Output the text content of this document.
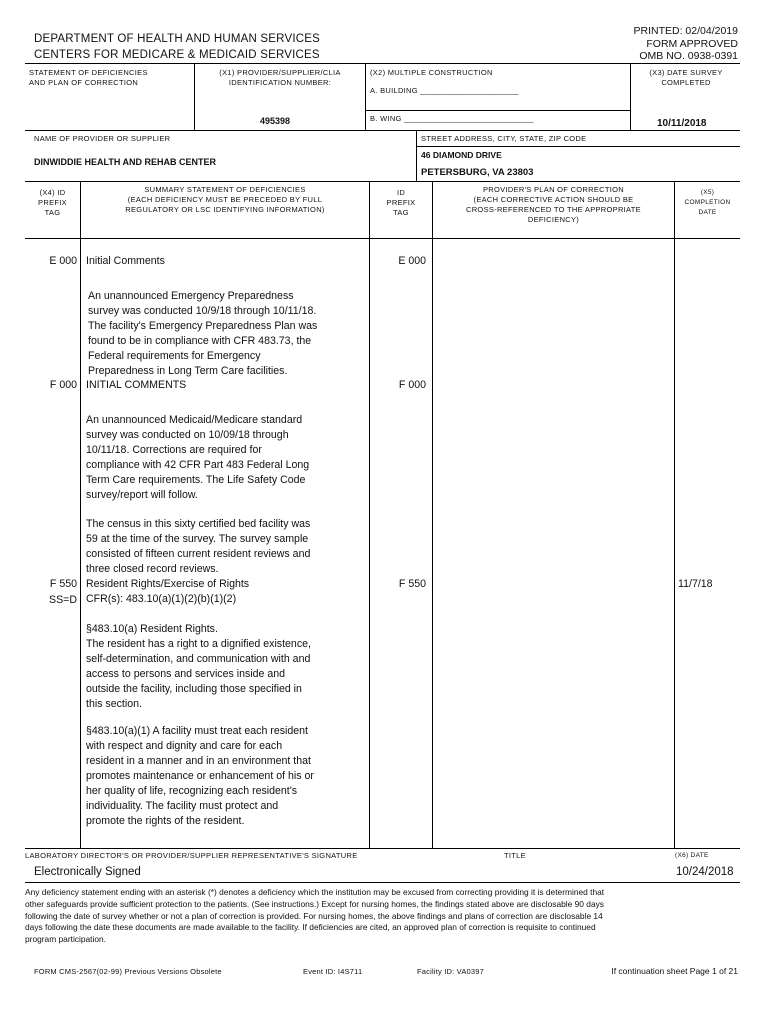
DEPARTMENT OF HEALTH AND HUMAN SERVICES
CENTERS FOR MEDICARE & MEDICAID SERVICES
PRINTED: 02/04/2019
FORM APPROVED
OMB NO. 0938-0391
STATEMENT OF DEFICIENCIES
AND PLAN OF CORRECTION
(X1) PROVIDER/SUPPLIER/CLIA
IDENTIFICATION NUMBER:
495398
(X2) MULTIPLE CONSTRUCTION
A. BUILDING ______________________
B. WING _____________________________
(X3) DATE SURVEY
COMPLETED
10/11/2018
NAME OF PROVIDER OR SUPPLIER
DINWIDDIE HEALTH AND REHAB CENTER
STREET ADDRESS, CITY, STATE, ZIP CODE
46 DIAMOND DRIVE
PETERSBURG, VA 23803
(X4) ID
PREFIX
TAG
SUMMARY STATEMENT OF DEFICIENCIES
(EACH DEFICIENCY MUST BE PRECEDED BY FULL
REGULATORY OR LSC IDENTIFYING INFORMATION)
ID
PREFIX
TAG
PROVIDER'S PLAN OF CORRECTION
(EACH CORRECTIVE ACTION SHOULD BE
CROSS-REFERENCED TO THE APPROPRIATE
DEFICIENCY)
(X5)
COMPLETION
DATE
E 000 Initial Comments	E 000
An unannounced Emergency Preparedness
survey was conducted 10/9/18 through 10/11/18.
The facility's Emergency Preparedness Plan was
found to be in compliance with CFR 483.73, the
Federal requirements for Emergency
Preparedness in Long Term Care facilities.
F 000 INITIAL COMMENTS	F 000
An unannounced Medicaid/Medicare standard
survey was conducted on 10/09/18 through
10/11/18. Corrections are required for
compliance with 42 CFR Part 483 Federal Long
Term Care requirements. The Life Safety Code
survey/report will follow.
The census in this sixty certified bed facility was
59 at the time of the survey. The survey sample
consisted of fifteen current resident reviews and
three closed record reviews.
F 550
SS=D
Resident Rights/Exercise of Rights
CFR(s): 483.10(a)(1)(2)(b)(1)(2)
F 550	11/7/18
§483.10(a) Resident Rights.
The resident has a right to a dignified existence,
self-determination, and communication with and
access to persons and services inside and
outside the facility, including those specified in
this section.
§483.10(a)(1) A facility must treat each resident
with respect and dignity and care for each
resident in a manner and in an environment that
promotes maintenance or enhancement of his or
her quality of life, recognizing each resident's
individuality. The facility must protect and
promote the rights of the resident.
LABORATORY DIRECTOR'S OR PROVIDER/SUPPLIER REPRESENTATIVE'S SIGNATURE	TITLE	(X6) DATE
Electronically Signed	10/24/2018
Any deficiency statement ending with an asterisk (*) denotes a deficiency which the institution may be excused from correcting providing it is determined that
other safeguards provide sufficient protection to the patients. (See instructions.) Except for nursing homes, the findings stated above are disclosable 90 days
following the date of survey whether or not a plan of correction is provided. For nursing homes, the above findings and plans of correction are disclosable 14
days following the date these documents are made available to the facility. If deficiencies are cited, an approved plan of correction is requisite to continued
program participation.
FORM CMS-2567(02-99) Previous Versions Obsolete	Event ID: I4S711	Facility ID: VA0397	If continuation sheet Page 1 of 21
